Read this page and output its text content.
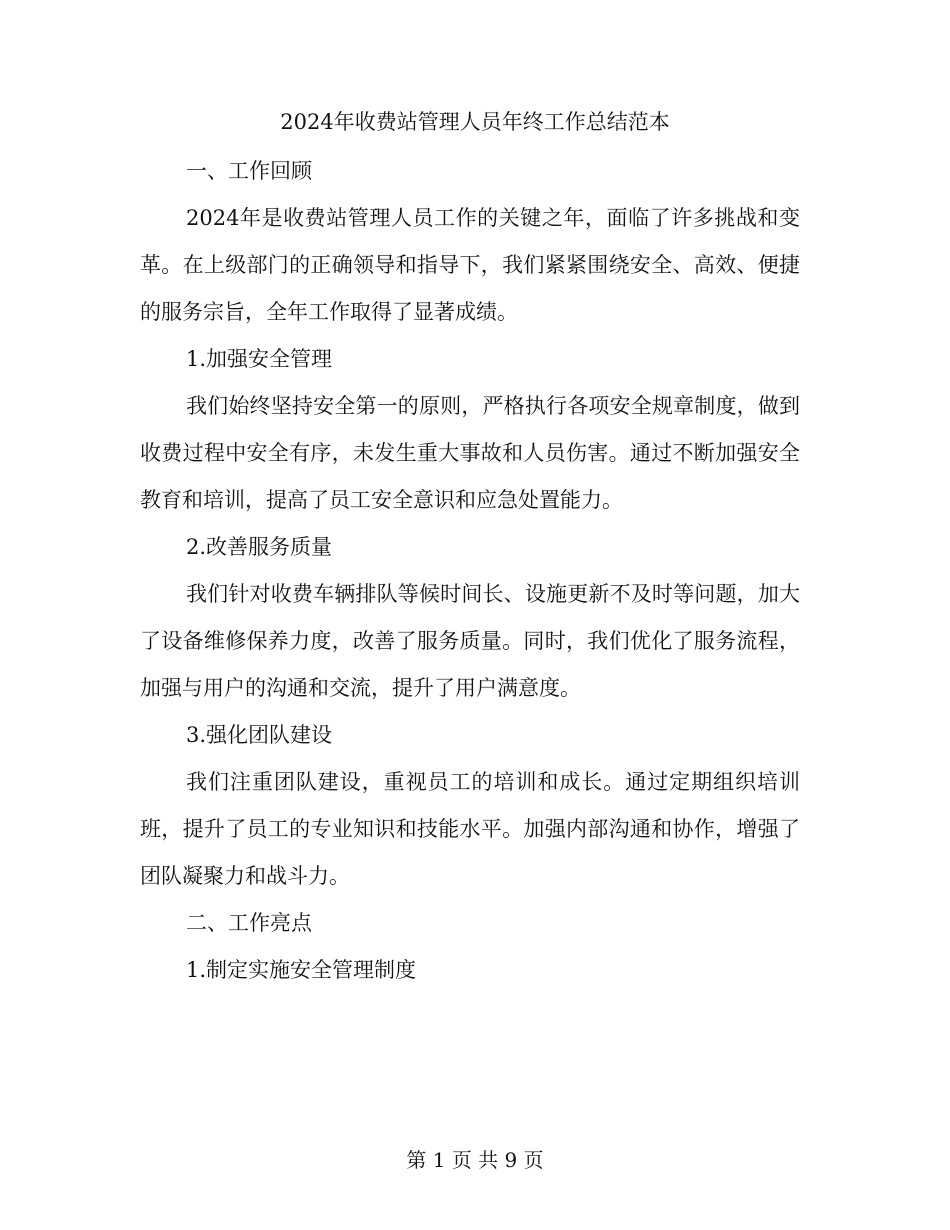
2024年收费站管理人员年终工作总结范本

一、工作回顾

2024年是收费站管理人员工作的关键之年，面临了许多挑战和变革。在上级部门的正确领导和指导下，我们紧紧围绕安全、高效、便捷的服务宗旨，全年工作取得了显著成绩。

1.加强安全管理

我们始终坚持安全第一的原则，严格执行各项安全规章制度，做到收费过程中安全有序，未发生重大事故和人员伤害。通过不断加强安全教育和培训，提高了员工安全意识和应急处置能力。

2.改善服务质量

我们针对收费车辆排队等候时间长、设施更新不及时等问题，加大了设备维修保养力度，改善了服务质量。同时，我们优化了服务流程，加强与用户的沟通和交流，提升了用户满意度。

3.强化团队建设

我们注重团队建设，重视员工的培训和成长。通过定期组织培训班，提升了员工的专业知识和技能水平。加强内部沟通和协作，增强了团队凝聚力和战斗力。

二、工作亮点

1.制定实施安全管理制度

第 1 页 共 9 页
